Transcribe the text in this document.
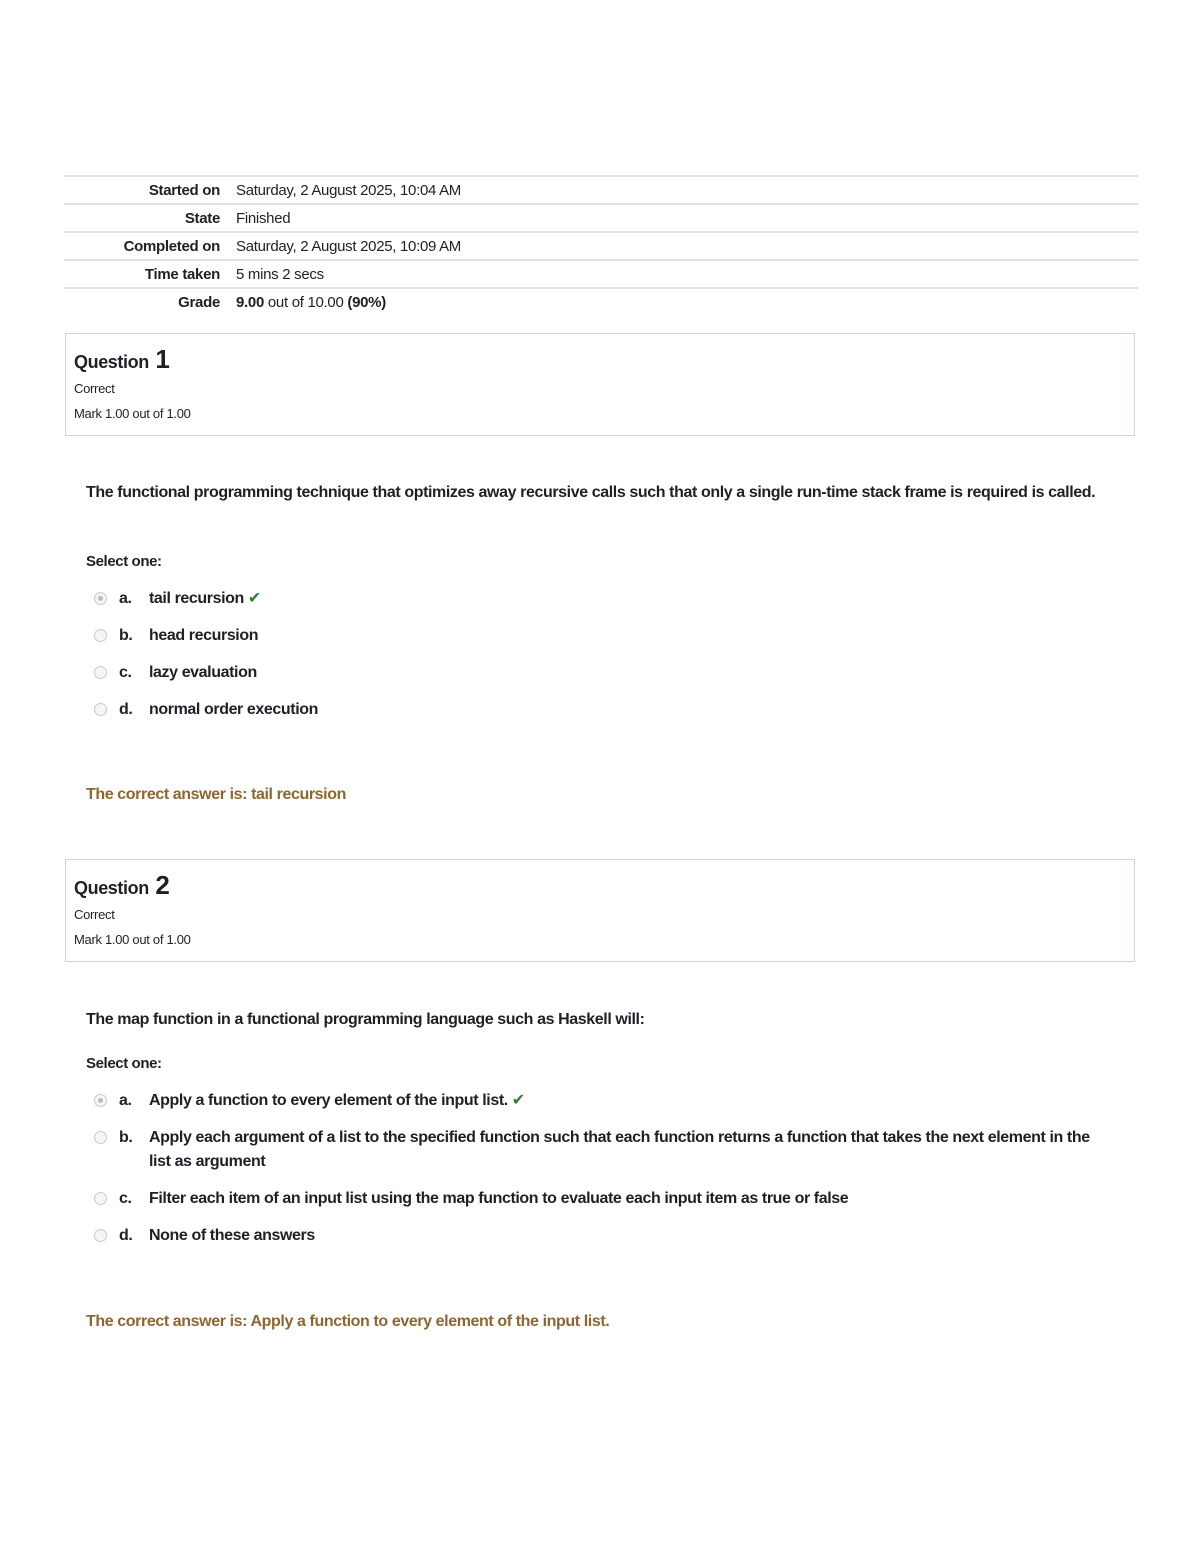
Started on	Saturday, 2 August 2025, 10:04 AM
State	Finished
Completed on	Saturday, 2 August 2025, 10:09 AM
Time taken	5 mins 2 secs
Grade	9.00 out of 10.00 (90%)
Question 1
Correct
Mark 1.00 out of 1.00
The functional programming technique that optimizes away recursive calls such that only a single run-time stack frame is required is called.
Select one:
a.	tail recursion ✔
b.	head recursion
c.	lazy evaluation
d.	normal order execution
The correct answer is: tail recursion
Question 2
Correct
Mark 1.00 out of 1.00
The map function in a functional programming language such as Haskell will:
Select one:
a.	Apply a function to every element of the input list. ✔
b.	Apply each argument of a list to the specified function such that each function returns a function that takes the next element in the list as argument
c.	Filter each item of an input list using the map function to evaluate each input item as true or false
d.	None of these answers
The correct answer is: Apply a function to every element of the input list.
